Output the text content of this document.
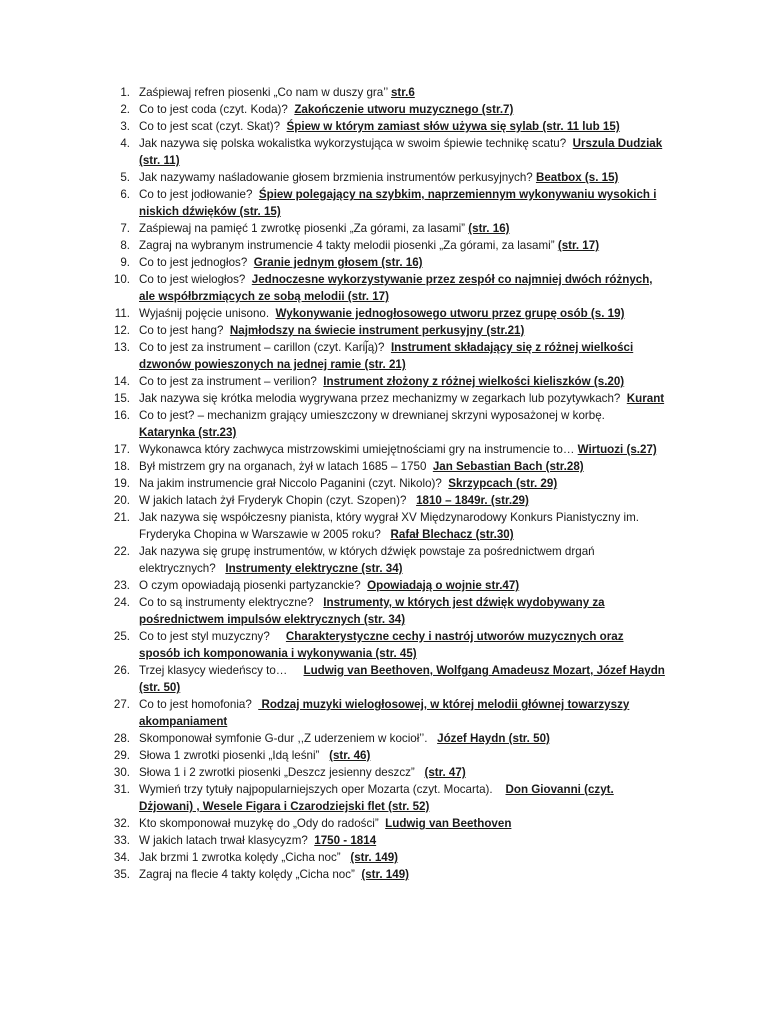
1. Zaśpiewaj refren piosenki „Co nam w duszy gra’’ str.6
2. Co to jest coda (czyt. Koda)?  Zakończenie utworu muzycznego (str.7)
3. Co to jest scat (czyt. Skat)?  Śpiew w którym zamiast słów używa się sylab (str. 11 lub 15)
4. Jak nazywa się polska wokalistka wykorzystująca w swoim śpiewie technikę scatu?  Urszula Dudziak (str. 11)
5. Jak nazywamy naśladowanie głosem brzmienia instrumentów perkusyjnych? Beatbox (s. 15)
6. Co to jest jodłowanie?  Śpiew polegający na szybkim, naprzemiennym wykonywaniu wysokich i niskich dźwięków (str. 15)
7. Zaśpiewaj na pamięć 1 zwrotkę piosenki „Za górami, za lasami” (str. 16)
8. Zagraj na wybranym instrumencie 4 takty melodii piosenki „Za górami, za lasami” (str. 17)
9. Co to jest jednogłos?  Granie jednym głosem (str. 16)
10. Co to jest wielogłos?  Jednoczesne wykorzystywanie przez zespół co najmniej dwóch różnych, ale współbrzmiących ze sobą melodii (str. 17)
11. Wyjaśnij pojęcie unisono.  Wykonywanie jednogłosowego utworu przez grupę osób (s. 19)
12. Co to jest hang?  Najmłodszy na świecie instrument perkusyjny (str.21)
13. Co to jest za instrument – carillon (czyt. Karij̃ą)?  Instrument składający się z różnej wielkości dzwonów powieszonych na jednej ramie (str. 21)
14. Co to jest za instrument – verilion?  Instrument złożony z różnej wielkości kieliszków (s.20)
15. Jak nazywa się krótka melodia wygrywana przez mechanizmy w zegarkach lub pozytywkach?  Kurant
16. Co to jest? – mechanizm grający umieszczony w drewnianej skrzyni wyposażonej w korbę.  Katarynka (str.23)
17. Wykonawca który zachwyca mistrzowskimi umiejętnościami gry na instrumencie to… Wirtuozi (s.27)
18. Był mistrzem gry na organach, żył w latach 1685 – 1750  Jan Sebastian Bach (str.28)
19. Na jakim instrumencie grał Niccolo Paganini (czyt. Nikolo)?  Skrzypcach (str. 29)
20. W jakich latach żył Fryderyk Chopin (czyt. Szopen)?   1810 – 1849r. (str.29)
21. Jak nazywa się współczesny pianista, który wygrał XV Międzynarodowy Konkurs Pianistyczny im. Fryderyka Chopina w Warszawie w 2005 roku?   Rafał Blechacz (str.30)
22. Jak nazywa się grupę instrumentów, w których dźwięk powstaje za pośrednictwem drgań elektrycznych?   Instrumenty elektryczne (str. 34)
23. O czym opowiadają piosenki partyzanckie?  Opowiadają o wojnie str.47)
24. Co to są instrumenty elektryczne?   Instrumenty, w których jest dźwięk wydobywany za pośrednictwem impulsów elektrycznych (str. 34)
25. Co to jest styl muzyczny?     Charakterystyczne cechy i nastrój utworów muzycznych oraz sposób ich komponowania i wykonywania (str. 45)
26. Trzej klasycy wiedeńscy to…     Ludwig van Beethoven, Wolfgang Amadeusz Mozart, Józef Haydn (str. 50)
27. Co to jest homofonia?   Rodzaj muzyki wielogłosowej, w której melodii głównej towarzyszy akompaniament
28. Skomponował symfonie G-dur ,,Z uderzeniem w kocioł’’.   Józef Haydn (str. 50)
29. Słowa 1 zwrotki piosenki „Idą leśni”   (str. 46)
30. Słowa 1 i 2 zwrotki piosenki „Deszcz jesienny deszcz”   (str. 47)
31. Wymień trzy tytuły najpopularniejszych oper Mozarta (czyt. Mocarta).    Don Giovanni (czyt. Dżjowani) , Wesele Figara i Czarodziejski flet (str. 52)
32. Kto skomponował muzykę do „Ody do radości”  Ludwig van Beethoven
33. W jakich latach trwał klasycyzm?  1750 - 1814
34. Jak brzmi 1 zwrotka kolędy „Cicha noc”   (str. 149)
35. Zagraj na flecie 4 takty kolędy „Cicha noc”  (str. 149)
